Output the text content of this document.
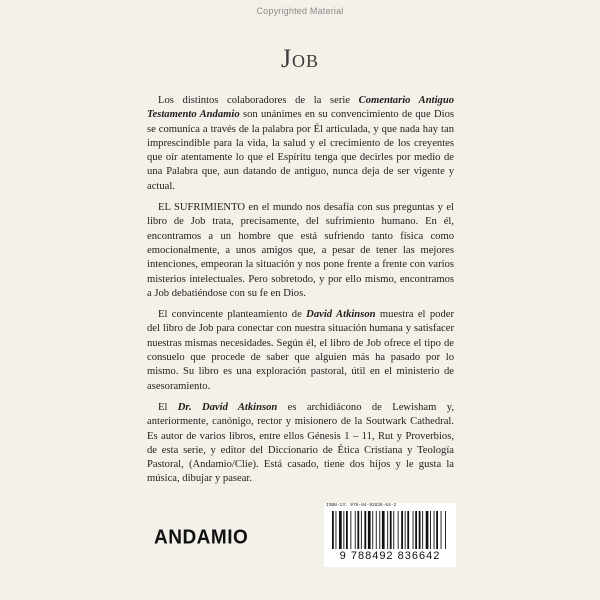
Copyrighted Material
Job

Los distintos colaboradores de la serie Comentario Antiguo Testamento Andamio son unánimes en su convencimiento de que Dios se comunica a través de la palabra por Él articulada, y que nada hay tan imprescindible para la vida, la salud y el crecimiento de los creyentes que oír atentamente lo que el Espíritu tenga que decirles por medio de una Palabra que, aun datando de antiguo, nunca deja de ser vigente y actual.

EL SUFRIMIENTO en el mundo nos desafía con sus preguntas y el libro de Job trata, precisamente, del sufrimiento humano. En él, encontramos a un hombre que está sufriendo tanto física como emocionalmente, a unos amigos que, a pesar de tener las mejores intenciones, empeoran la situación y nos pone frente a frente con varios misterios intelectuales. Pero sobretodo, y por ello mismo, encontramos a Job debatiéndose con su fe en Dios.

El convincente planteamiento de David Atkinson muestra el poder del libro de Job para conectar con nuestra situación humana y satisfacer nuestras mismas necesidades. Según él, el libro de Job ofrece el tipo de consuelo que procede de saber que alguien más ha pasado por lo mismo. Su libro es una exploración pastoral, útil en el ministerio de asesoramiento.

El Dr. David Atkinson es archidiácono de Lewisham y, anteriormente, canónigo, rector y misionero de la Soutwark Cathedral. Es autor de varios libros, entre ellos Génesis 1 – 11, Rut y Proverbios, de esta serie, y editor del Diccionario de Ética Cristiana y Teología Pastoral, (Andamio/Clie). Está casado, tiene dos hijos y le gusta la música, dibujar y pasear.

ANDAMIO
ISBN-13: 978-84-92836-64-2
9 788492 836642
